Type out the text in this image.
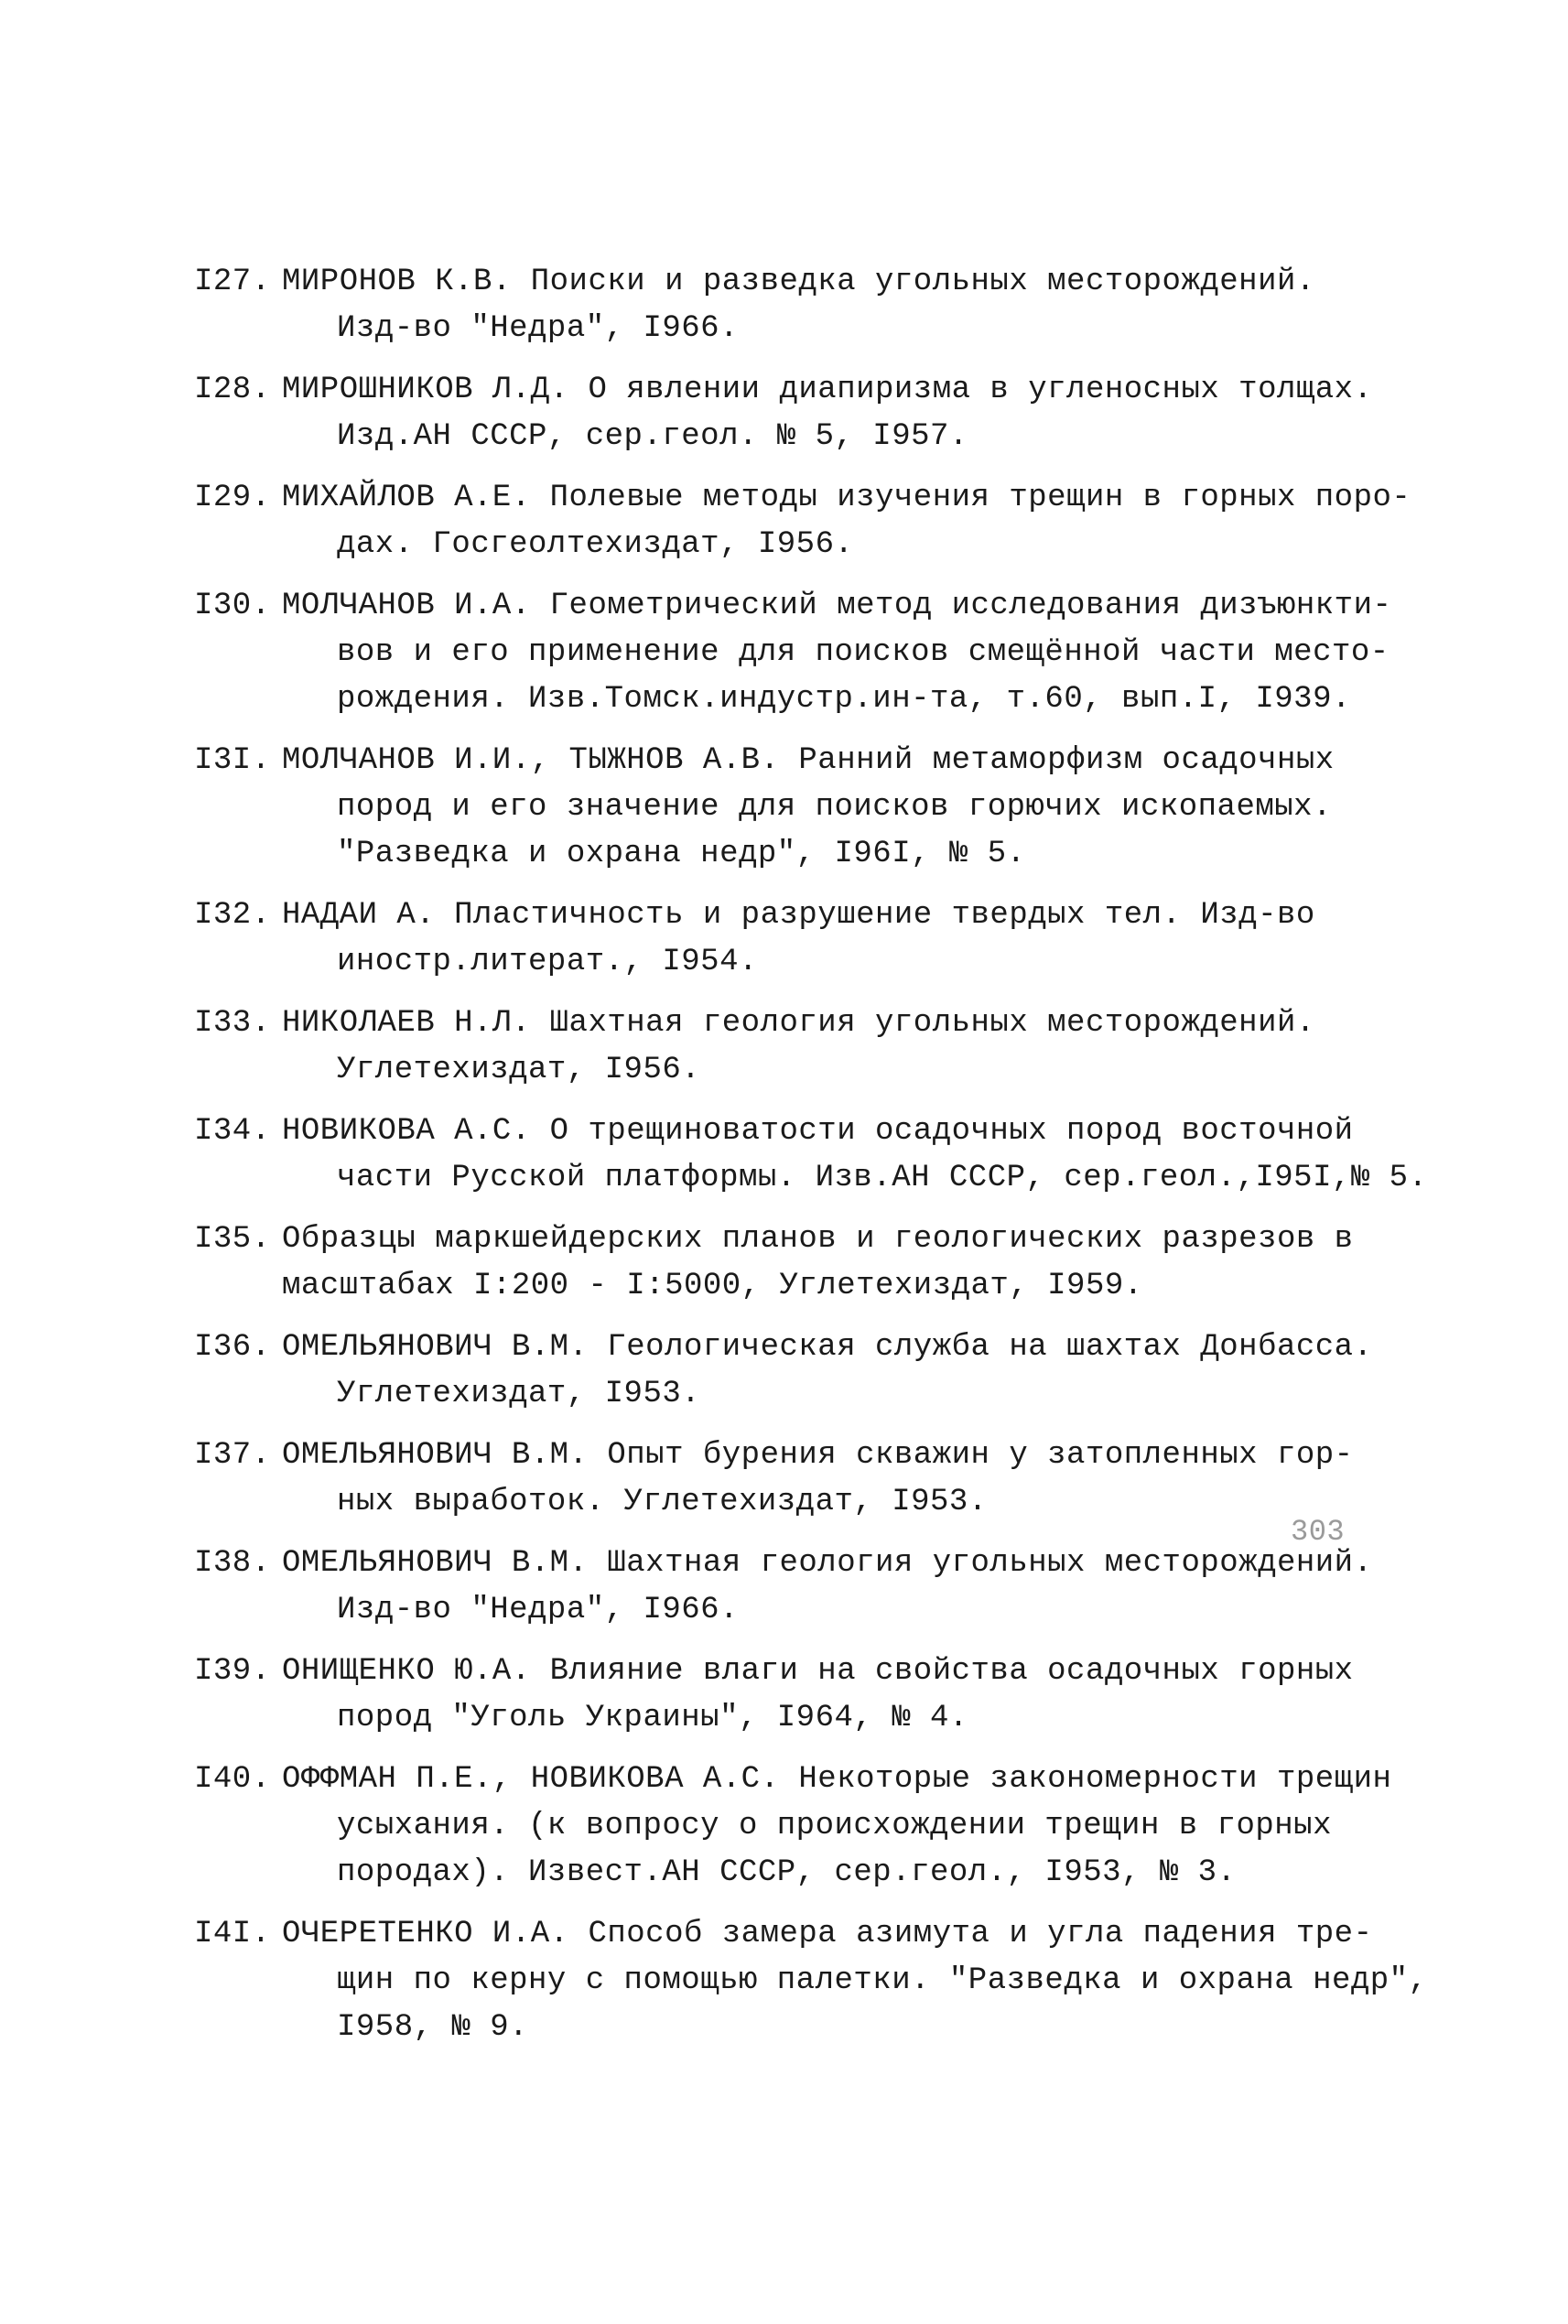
I27. МИРОНОВ К.В. Поиски и разведка угольных месторождений.
Изд-во "Недра", I966.
I28. МИРОШНИКОВ Л.Д. О явлении диапиризма в угленосных толщах.
Изд.АН СССР, сер.геол. № 5, I957.
I29. МИХАЙЛОВ А.Е. Полевые методы изучения трещин в горных поро-
дах. Госгеолтехиздат, I956.
I30. МОЛЧАНОВ И.А. Геометрический метод исследования дизъюнкти-
вов и его применение для поисков смещённой части место-
рождения. Изв.Томск.индустр.ин-та, т.60, вып.I, I939.
I3I. МОЛЧАНОВ И.И., ТЫЖНОВ А.В. Ранний метаморфизм осадочных
пород и его значение для поисков горючих ископаемых.
"Разведка и охрана недр", I96I, № 5.
I32. НАДАИ А. Пластичность и разрушение твердых тел. Изд-во
иностр.литерат., I954.
I33. НИКОЛАЕВ Н.Л. Шахтная геология угольных месторождений.
Углетехиздат, I956.
I34. НОВИКОВА А.С. О трещиноватости осадочных пород восточной
части Русской платформы. Изв.АН СССР, сер.геол.,I95I,№ 5.
I35. Образцы маркшейдерских планов и геологических разрезов в
масштабах I:200 - I:5000, Углетехиздат, I959.
I36. ОМЕЛЬЯНОВИЧ В.М. Геологическая служба на шахтах Донбасса.
Углетехиздат, I953.
I37. ОМЕЛЬЯНОВИЧ В.М. Опыт бурения скважин у затопленных гор-
ных выработок. Углетехиздат, I953.
I38. ОМЕЛЬЯНОВИЧ В.М. Шахтная геология угольных месторождений.
Изд-во "Недра", I966.
I39. ОНИЩЕНКО Ю.А. Влияние влаги на свойства осадочных горных
пород "Уголь Украины", I964, № 4.
I40. ОФФМАН П.Е., НОВИКОВА А.С. Некоторые закономерности трещин
усыхания. (к вопросу о происхождении трещин в горных
породах). Извест.АН СССР, сер.геол., I953, № 3.
I4I. ОЧЕРЕТЕНКО И.А. Способ замера азимута и угла падения тре-
щин по керну с помощью палетки. "Разведка и охрана недр",
I958, № 9.
303
